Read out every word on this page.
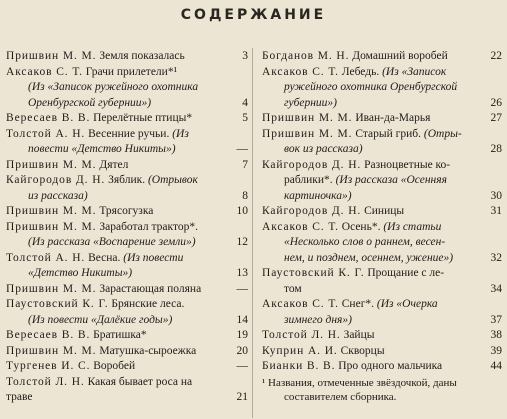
СОДЕРЖАНИЕ
Пришвин М. М. Земля показалась	3
Аксаков С. Т. Грачи прилетели*¹
(Из «Записок ружейного охотника
Оренбургской губернии»)	4
Вересаев В. В. Перелётные птицы*	5
Толстой А. Н. Весенние ручьи. (Из
повести «Детство Никиты»)	—
Пришвин М. М. Дятел	7
Кайгородов Д. Н. Зяблик. (Отрывок
из рассказа)	8
Пришвин М. М. Трясогузка	10
Пришвин М. М. Заработал трактор*.
(Из рассказа «Воспарение земли»)	12
Толстой А. Н. Весна. (Из повести
«Детство Никиты»)	13
Пришвин М. М. Зарастающая поляна	—
Паустовский К. Г. Брянские леса.
(Из повести «Далёкие годы»)	14
Вересаев В. В. Братишка*	19
Пришвин М. М. Матушка-сыроежка	20
Тургенев И. С. Воробей	—
Толстой Л. Н. Какая бывает роса на
траве	21
Богданов М. Н. Домашний воробей	22
Аксаков С. Т. Лебедь. (Из «Записок
ружейного охотника Оренбургской
губернии»)	26
Пришвин М. М. Иван-да-Марья	27
Пришвин М. М. Старый гриб. (Отры-
вок из рассказа)	28
Кайгородов Д. Н. Разноцветные ко-
раблики*. (Из рассказа «Осенняя
картиночка»)	30
Кайгородов Д. Н. Синицы	31
Аксаков С. Т. Осень*. (Из статьи
«Несколько слов о раннем, весен-
нем, и позднем, осеннем, ужение»)	32
Паустовский К. Г. Прощание с ле-
том	34
Аксаков С. Т. Снег*. (Из «Очерка
зимнего дня»)	37
Толстой Л. Н. Зайцы	38
Куприн А. И. Скворцы	39
Бианки В. В. Про одного мальчика	44
¹ Названия, отмеченные звёздочкой, даны
составителем сборника.
